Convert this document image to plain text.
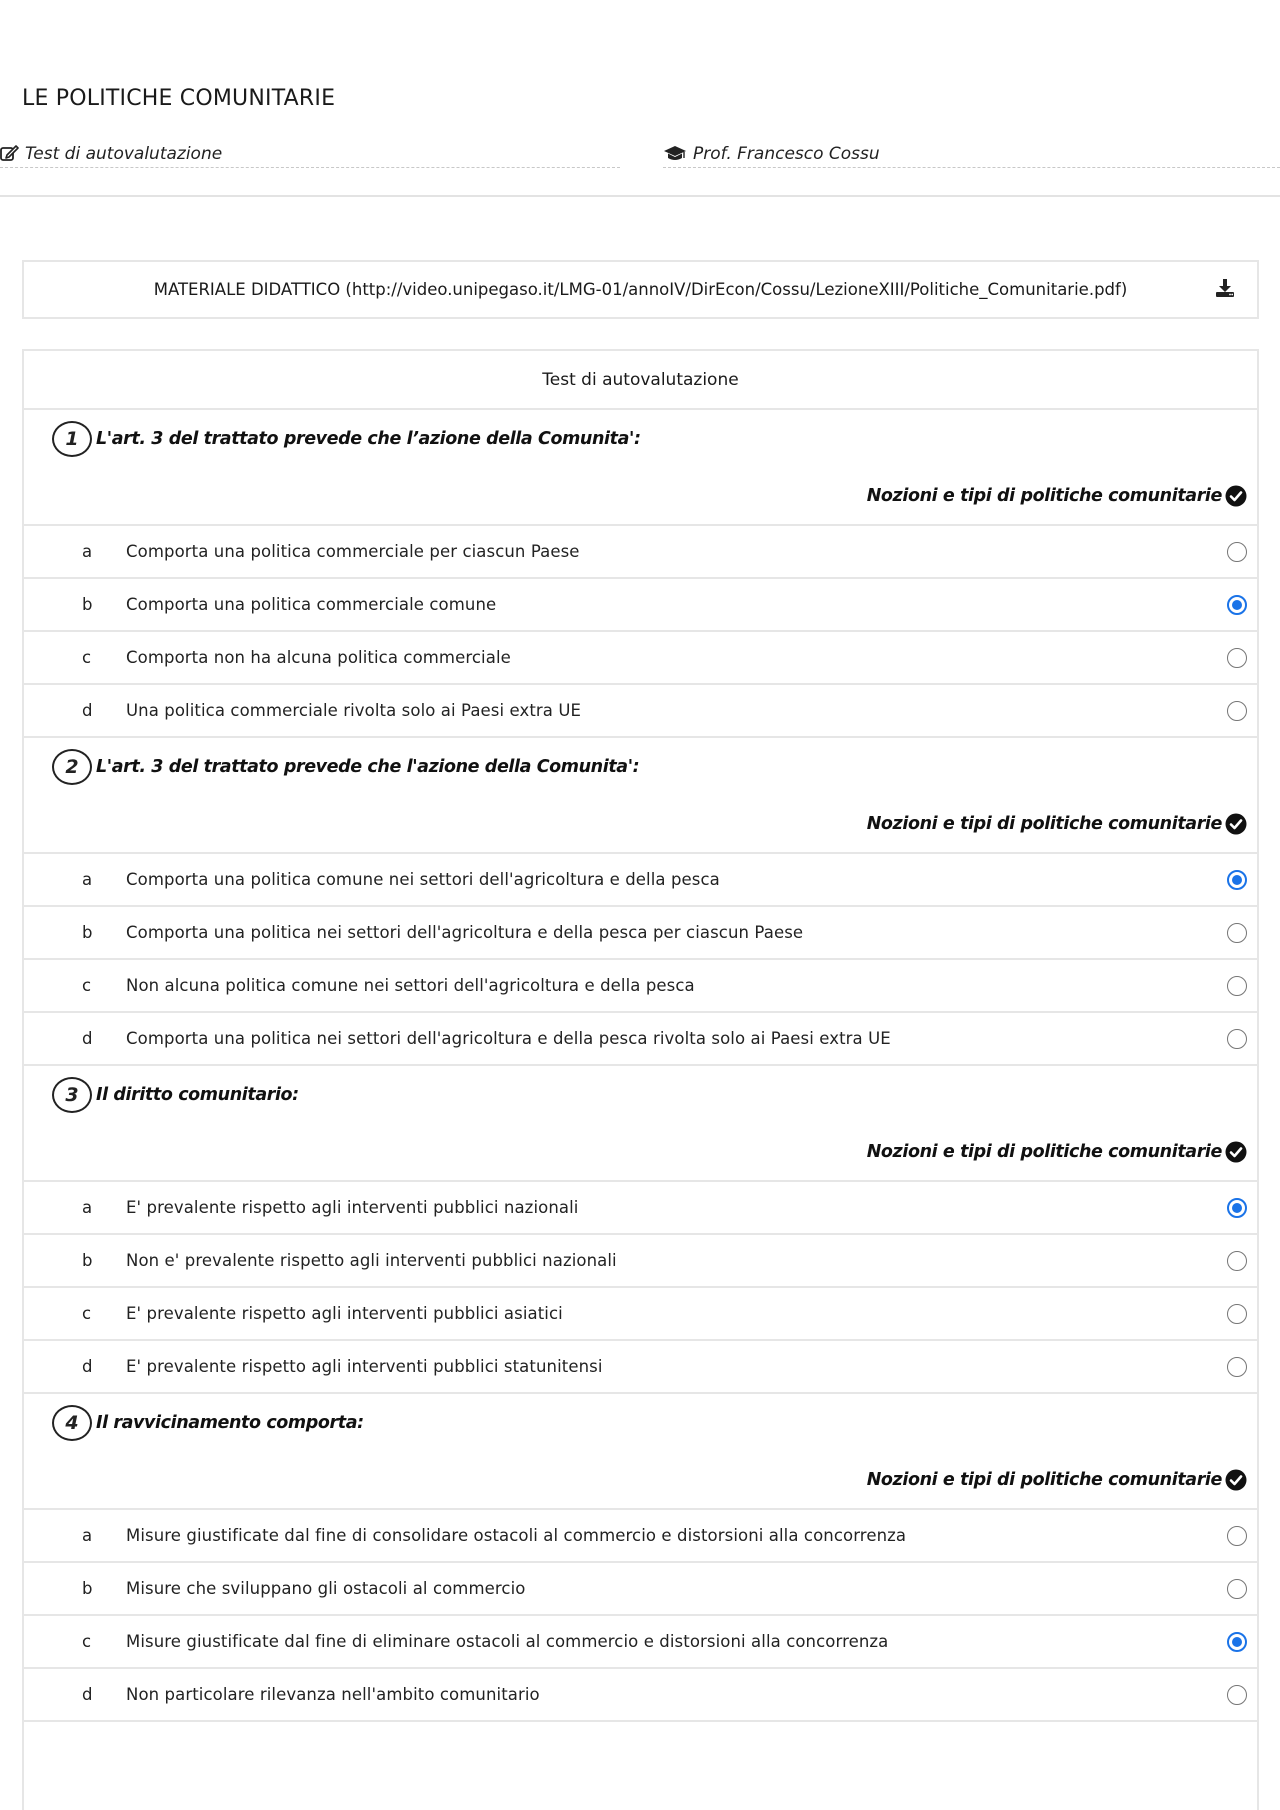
LE POLITICHE COMUNITARIE
Test di autovalutazione	Prof. Francesco Cossu
MATERIALE DIDATTICO (http://video.unipegaso.it/LMG-01/annoIV/DirEcon/Cossu/LezioneXIII/Politiche_Comunitarie.pdf)
Test di autovalutazione
1 L'art. 3 del trattato prevede che l’azione della Comunita':
Nozioni e tipi di politiche comunitarie
a	Comporta una politica commerciale per ciascun Paese
b	Comporta una politica commerciale comune
c	Comporta non ha alcuna politica commerciale
d	Una politica commerciale rivolta solo ai Paesi extra UE
2 L'art. 3 del trattato prevede che l'azione della Comunita':
Nozioni e tipi di politiche comunitarie
a	Comporta una politica comune nei settori dell'agricoltura e della pesca
b	Comporta una politica nei settori dell'agricoltura e della pesca per ciascun Paese
c	Non alcuna politica comune nei settori dell'agricoltura e della pesca
d	Comporta una politica nei settori dell'agricoltura e della pesca rivolta solo ai Paesi extra UE
3 Il diritto comunitario:
Nozioni e tipi di politiche comunitarie
a	E' prevalente rispetto agli interventi pubblici nazionali
b	Non e' prevalente rispetto agli interventi pubblici nazionali
c	E' prevalente rispetto agli interventi pubblici asiatici
d	E' prevalente rispetto agli interventi pubblici statunitensi
4 Il ravvicinamento comporta:
Nozioni e tipi di politiche comunitarie
a	Misure giustificate dal fine di consolidare ostacoli al commercio e distorsioni alla concorrenza
b	Misure che sviluppano gli ostacoli al commercio
c	Misure giustificate dal fine di eliminare ostacoli al commercio e distorsioni alla concorrenza
d	Non particolare rilevanza nell'ambito comunitario
